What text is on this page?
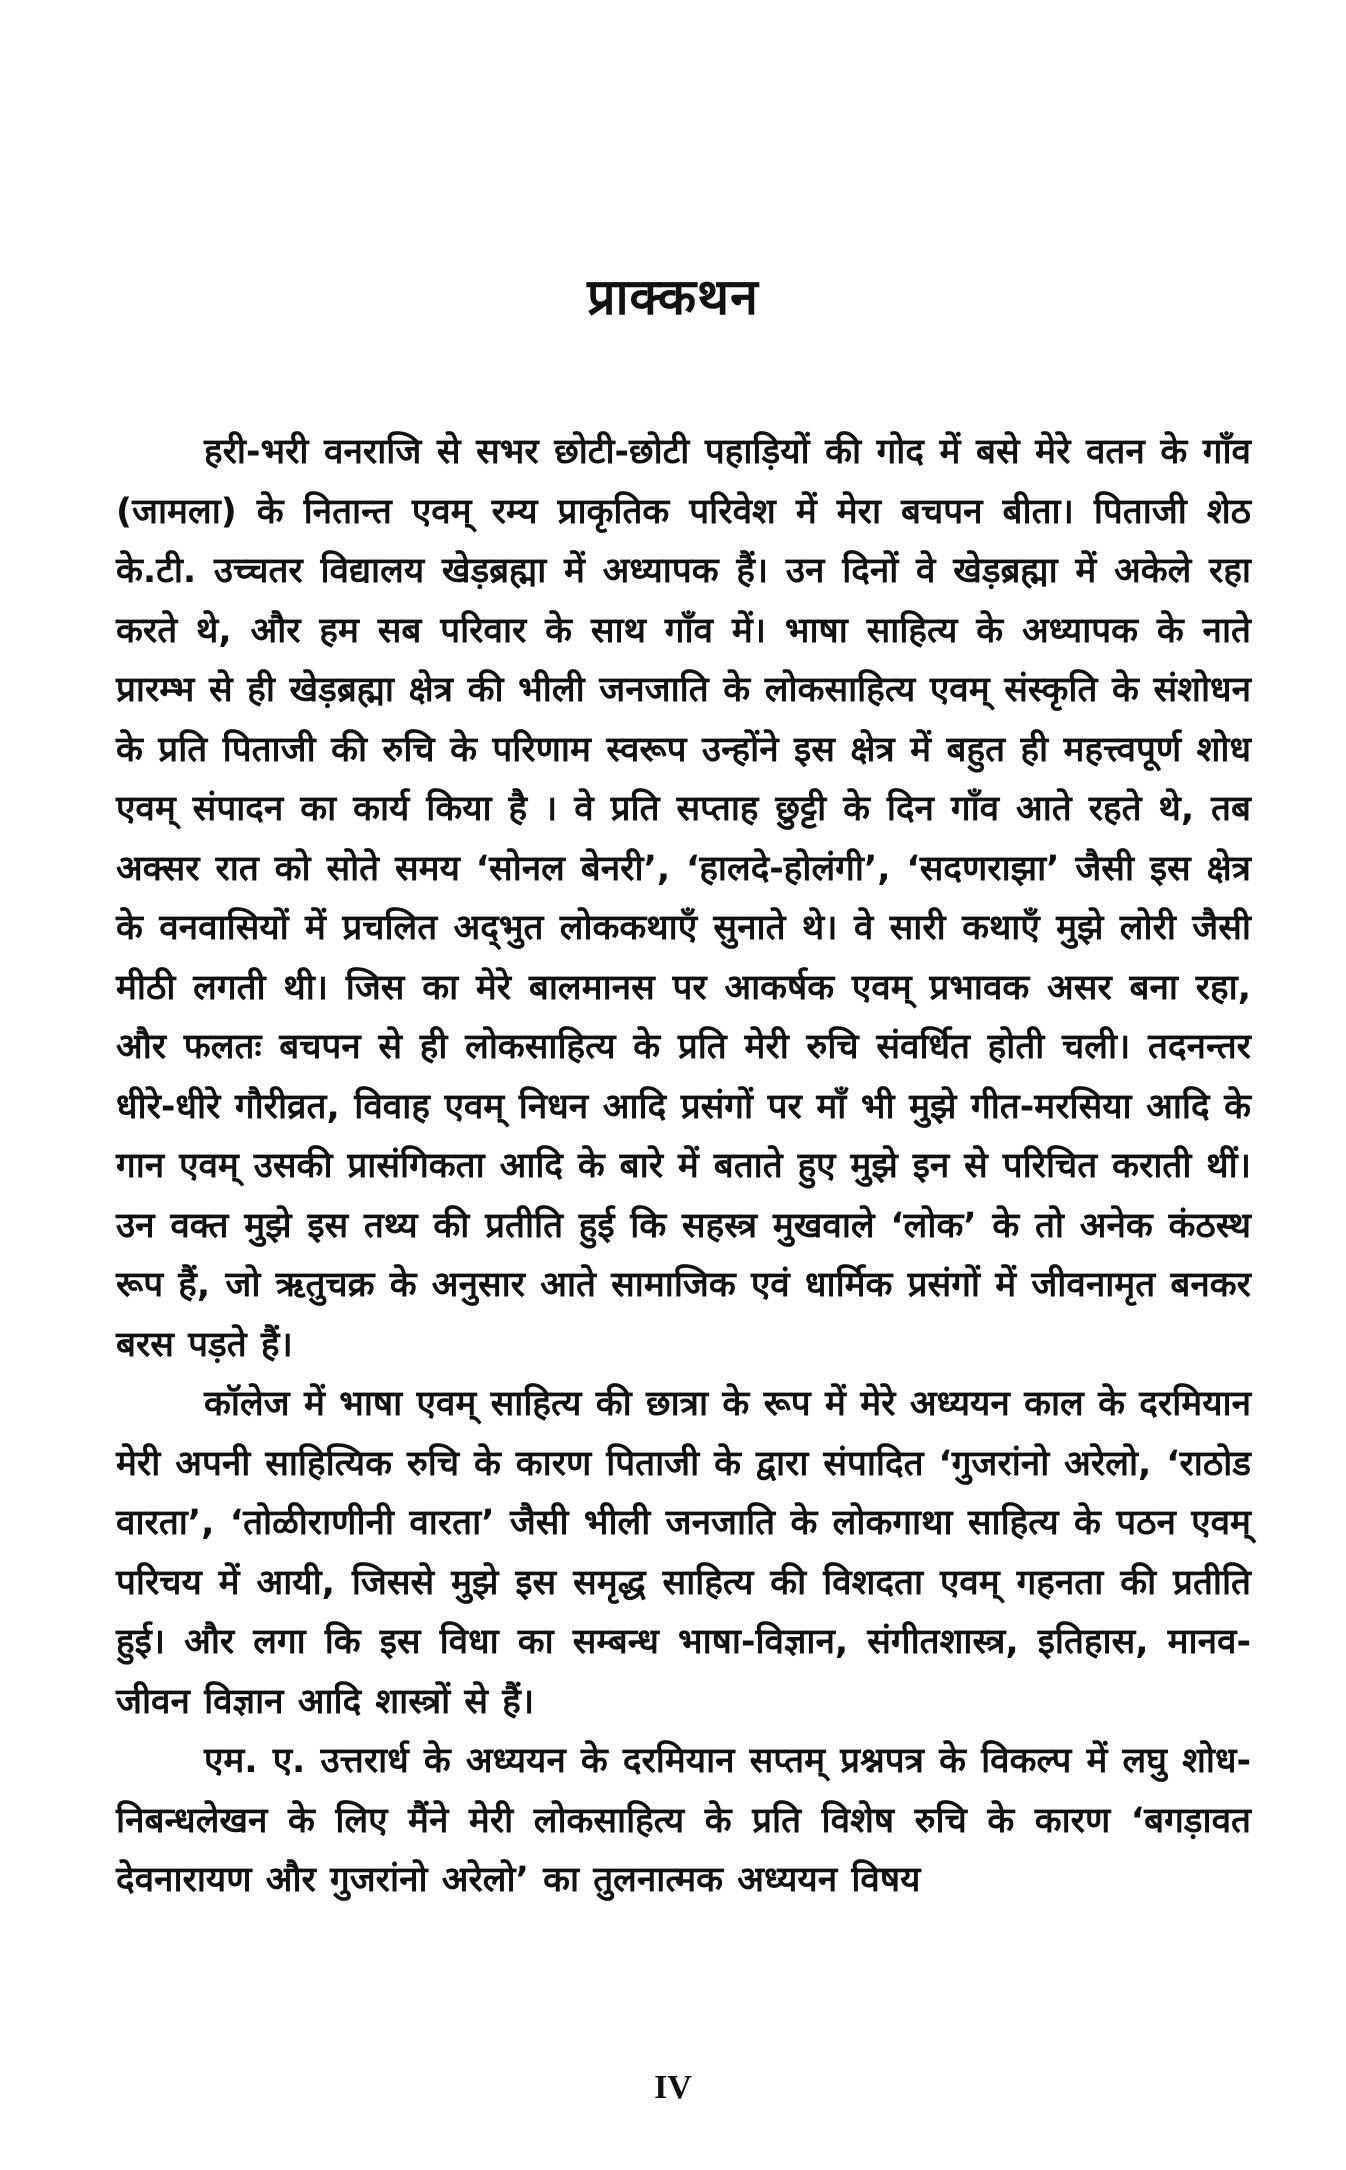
प्राक्कथन

हरी-भरी वनराजि से सभर छोटी-छोटी पहाड़ियों की गोद में बसे मेरे वतन के गाँव (जामला) के नितान्त एवम् रम्य प्राकृतिक परिवेश में मेरा बचपन बीता। पिताजी शेठ के.टी. उच्चतर विद्यालय खेड़ब्रह्मा में अध्यापक हैं। उन दिनों वे खेड़ब्रह्मा में अकेले रहा करते थे, और हम सब परिवार के साथ गाँव में। भाषा साहित्य के अध्यापक के नाते प्रारम्भ से ही खेड़ब्रह्मा क्षेत्र की भीली जनजाति के लोकसाहित्य एवम् संस्कृति के संशोधन के प्रति पिताजी की रुचि के परिणाम स्वरूप उन्होंने इस क्षेत्र में बहुत ही महत्त्वपूर्ण शोध एवम् संपादन का कार्य किया है । वे प्रति सप्ताह छुट्टी के दिन गाँव आते रहते थे, तब अक्सर रात को सोते समय ‘सोनल बेनरी’, ‘हालदे-होलंगी’, ‘सदणराझा’ जैसी इस क्षेत्र के वनवासियों में प्रचलित अद्‌भुत लोककथाएँ सुनाते थे। वे सारी कथाएँ मुझे लोरी जैसी मीठी लगती थी। जिस का मेरे बालमानस पर आकर्षक एवम् प्रभावक असर बना रहा, और फलतः बचपन से ही लोकसाहित्य के प्रति मेरी रुचि संवर्धित होती चली। तदनन्तर धीरे-धीरे गौरीव्रत, विवाह एवम् निधन आदि प्रसंगों पर माँ भी मुझे गीत-मरसिया आदि के गान एवम् उसकी प्रासंगिकता आदि के बारे में बताते हुए मुझे इन से परिचित कराती थीं। उन वक्त मुझे इस तथ्य की प्रतीति हुई कि सहस्त्र मुखवाले ‘लोक’ के तो अनेक कंठस्थ रूप हैं, जो ऋतुचक्र के अनुसार आते सामाजिक एवं धार्मिक प्रसंगों में जीवनामृत बनकर बरस पड़ते हैं।

कॉलेज में भाषा एवम् साहित्य की छात्रा के रूप में मेरे अध्ययन काल के दरमियान मेरी अपनी साहित्यिक रुचि के कारण पिताजी के द्वारा संपादित ‘गुजरांनो अरेलो, ‘राठोड वारता’, ‘तोळीराणीनी वारता’ जैसी भीली जनजाति के लोकगाथा साहित्य के पठन एवम् परिचय में आयी, जिससे मुझे इस समृद्ध साहित्य की विशदता एवम् गहनता की प्रतीति हुई। और लगा कि इस विधा का सम्बन्ध भाषा-विज्ञान, संगीतशास्त्र, इतिहास, मानव-जीवन विज्ञान आदि शास्त्रों से हैं।

एम. ए. उत्तरार्ध के अध्ययन के दरमियान सप्तम् प्रश्नपत्र के विकल्प में लघु शोध-निबन्धलेखन के लिए मैंने मेरी लोकसाहित्य के प्रति विशेष रुचि के कारण ‘बगड़ावत देवनारायण और गुजरांनो अरेलो’ का तुलनात्मक अध्ययन विषय

IV
